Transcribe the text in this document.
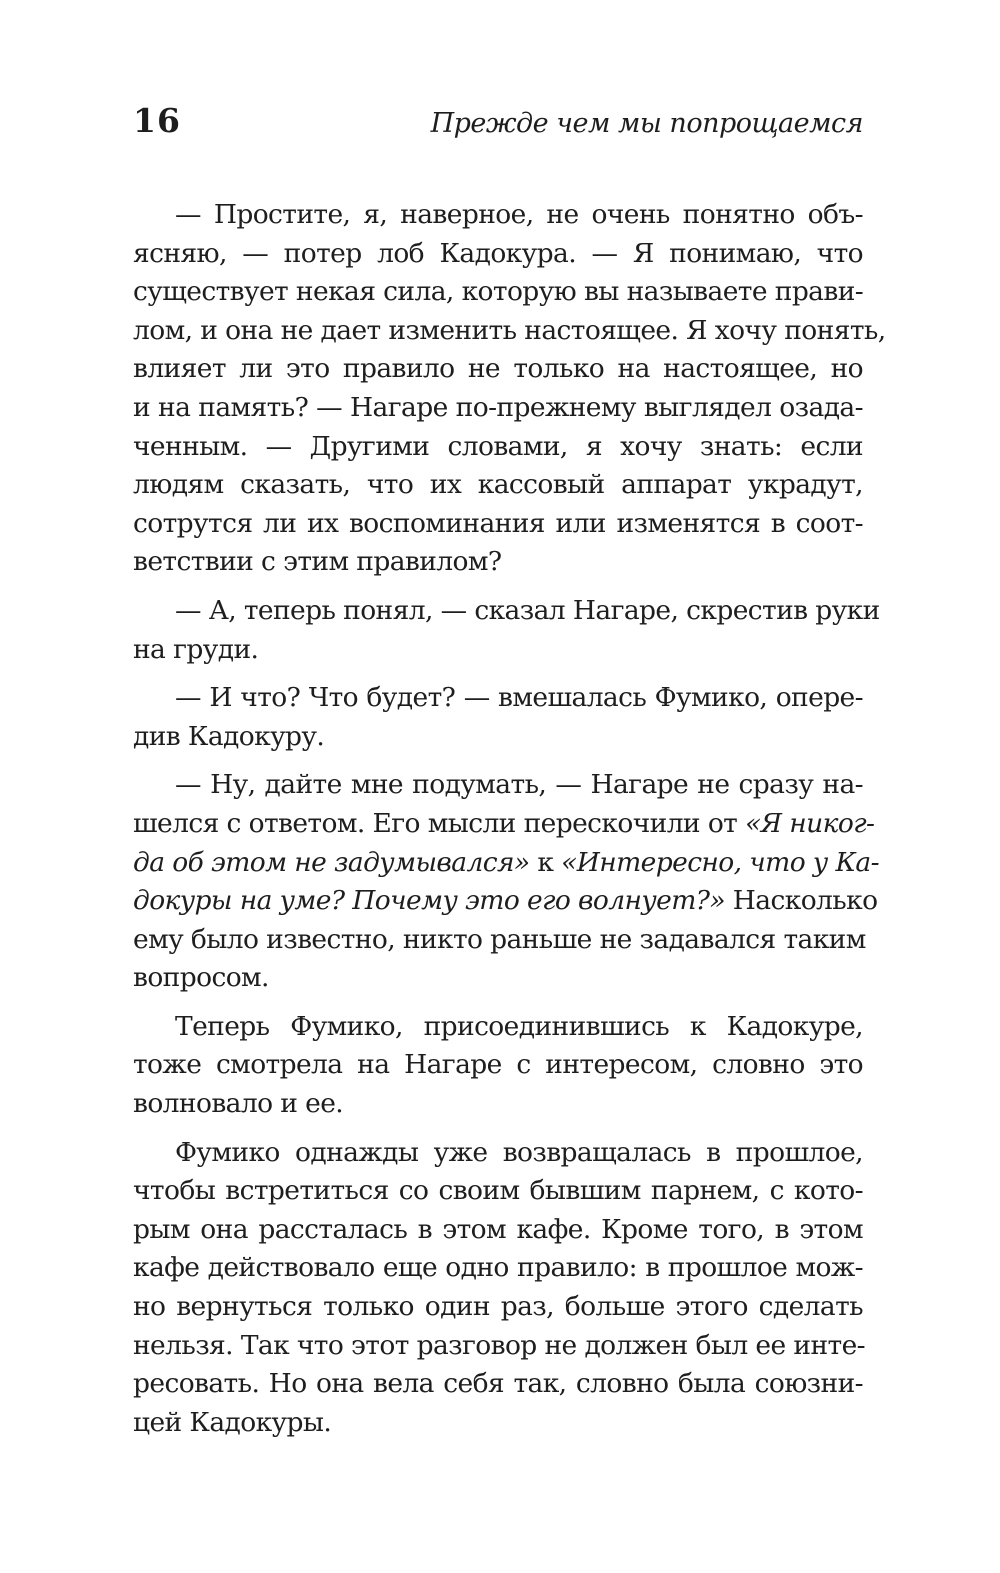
16	Прежде чем мы попрощаемся

— Простите, я, наверное, не очень понятно объ-
ясняю, — потер лоб Кадокура. — Я понимаю, что
существует некая сила, которую вы называете прави-
лом, и она не дает изменить настоящее. Я хочу понять,
влияет ли это правило не только на настоящее, но
и на память? — Нагаре по-прежнему выглядел озада-
ченным. — Другими словами, я хочу знать: если
людям сказать, что их кассовый аппарат украдут,
сотрутся ли их воспоминания или изменятся в соот-
ветствии с этим правилом?

— А, теперь понял, — сказал Нагаре, скрестив руки
на груди.

— И что? Что будет? — вмешалась Фумико, опере-
див Кадокуру.

— Ну, дайте мне подумать, — Нагаре не сразу на-
шелся с ответом. Его мысли перескочили от «Я никог-
да об этом не задумывался» к «Интересно, что у Ка-
докуры на уме? Почему это его волнует?» Насколько
ему было известно, никто раньше не задавался таким
вопросом.

Теперь Фумико, присоединившись к Кадокуре,
тоже смотрела на Нагаре с интересом, словно это
волновало и ее.

Фумико однажды уже возвращалась в прошлое,
чтобы встретиться со своим бывшим парнем, с кото-
рым она рассталась в этом кафе. Кроме того, в этом
кафе действовало еще одно правило: в прошлое мож-
но вернуться только один раз, больше этого сделать
нельзя. Так что этот разговор не должен был ее инте-
ресовать. Но она вела себя так, словно была союзни-
цей Кадокуры.
